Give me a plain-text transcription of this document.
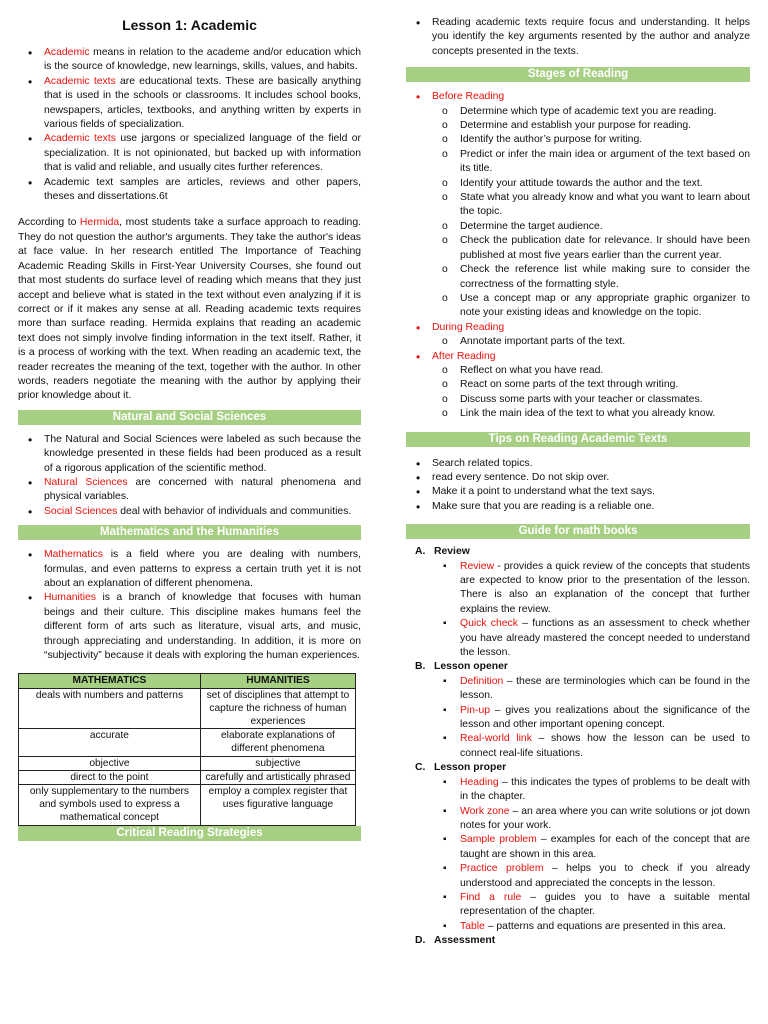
Lesson 1: Academic
• Academic means in relation to the academe and/or education which is the source of knowledge, new learnings, skills, values, and habits.
• Academic texts are educational texts. These are basically anything that is used in the schools or classrooms. It includes school books, newspapers, articles, textbooks, and anything written by experts in various fields of specialization.
• Academic texts use jargons or specialized language of the field or specialization. It is not opinionated, but backed up with information that is valid and reliable, and usually cites further references.
• Academic text samples are articles, reviews and other papers, theses and dissertations.6t

According to Hermida, most students take a surface approach to reading. They do not question the author's arguments. They take the author's ideas at face value. In her research entitled The Importance of Teaching Academic Reading Skills in First-Year University Courses, she found out that most students do surface level of reading which means that they just accept and believe what is stated in the text without even analyzing if it is correct or if it makes any sense at all. Reading academic texts requires more than surface reading. Hermida explains that reading an academic text does not simply involve finding information in the text itself. Rather, it is a process of working with the text. When reading an academic text, the reader recreates the meaning of the text, together with the author. In other words, readers negotiate the meaning with the author by applying their prior knowledge about it.

Natural and Social Sciences
• The Natural and Social Sciences were labeled as such because the knowledge presented in these fields had been produced as a result of a rigorous application of the scientific method.
• Natural Sciences are concerned with natural phenomena and physical variables.
• Social Sciences deal with behavior of individuals and communities.
Mathematics and the Humanities
• Mathematics is a field where you are dealing with numbers, formulas, and even patterns to express a certain truth yet it is not about an explanation of different phenomena.
• Humanities is a branch of knowledge that focuses with human beings and their culture. This discipline makes humans feel the different form of arts such as literature, visual arts, and music, through appreciating and understanding. In addition, it is more on “subjectivity” because it deals with exploring the human experiences.
MATHEMATICS	HUMANITIES
deals with numbers and patterns	set of disciplines that attempt to capture the richness of human experiences
accurate	elaborate explanations of different phenomena
objective	subjective
direct to the point	carefully and artistically phrased
only supplementary to the numbers and symbols used to express a mathematical concept	employ a complex register that uses figurative language
Critical Reading Strategies
• Reading academic texts require focus and understanding. It helps you identify the key arguments resented by the author and analyze concepts presented in the texts.
Stages of Reading
• Before Reading
o Determine which type of academic text you are reading.
o Determine and establish your purpose for reading.
o Identify the author’s purpose for writing.
o Predict or infer the main idea or argument of the text based on its title.
o Identify your attitude towards the author and the text.
o State what you already know and what you want to learn about the topic.
o Determine the target audience.
o Check the publication date for relevance. Ir should have been published at most five years earlier than the current year.
o Check the reference list while making sure to consider the correctness of the formatting style.
o Use a concept map or any appropriate graphic organizer to note your existing ideas and knowledge on the topic.
• During Reading
o Annotate important parts of the text.
• After Reading
o Reflect on what you have read.
o React on some parts of the text through writing.
o Discuss some parts with your teacher or classmates.
o Link the main idea of the text to what you already know.
Tips on Reading Academic Texts
• Search related topics.
• read every sentence. Do not skip over.
• Make it a point to understand what the text says.
• Make sure that you are reading is a reliable one.
Guide for math books
A. Review
▪ Review - provides a quick review of the concepts that students are expected to know prior to the presentation of the lesson. There is also an explanation of the concept that further explains the review.
▪ Quick check – functions as an assessment to check whether you have already mastered the concept needed to understand the lesson.
B. Lesson opener
▪ Definition – these are terminologies which can be found in the lesson.
▪ Pin-up – gives you realizations about the significance of the lesson and other important opening concept.
▪ Real-world link – shows how the lesson can be used to connect real-life situations.
C. Lesson proper
▪ Heading – this indicates the types of problems to be dealt with in the chapter.
▪ Work zone – an area where you can write solutions or jot down notes for your work.
▪ Sample problem – examples for each of the concept that are taught are shown in this area.
▪ Practice problem – helps you to check if you already understood and appreciated the concepts in the lesson.
▪ Find a rule – guides you to have a suitable mental representation of the chapter.
▪ Table – patterns and equations are presented in this area.
D. Assessment
